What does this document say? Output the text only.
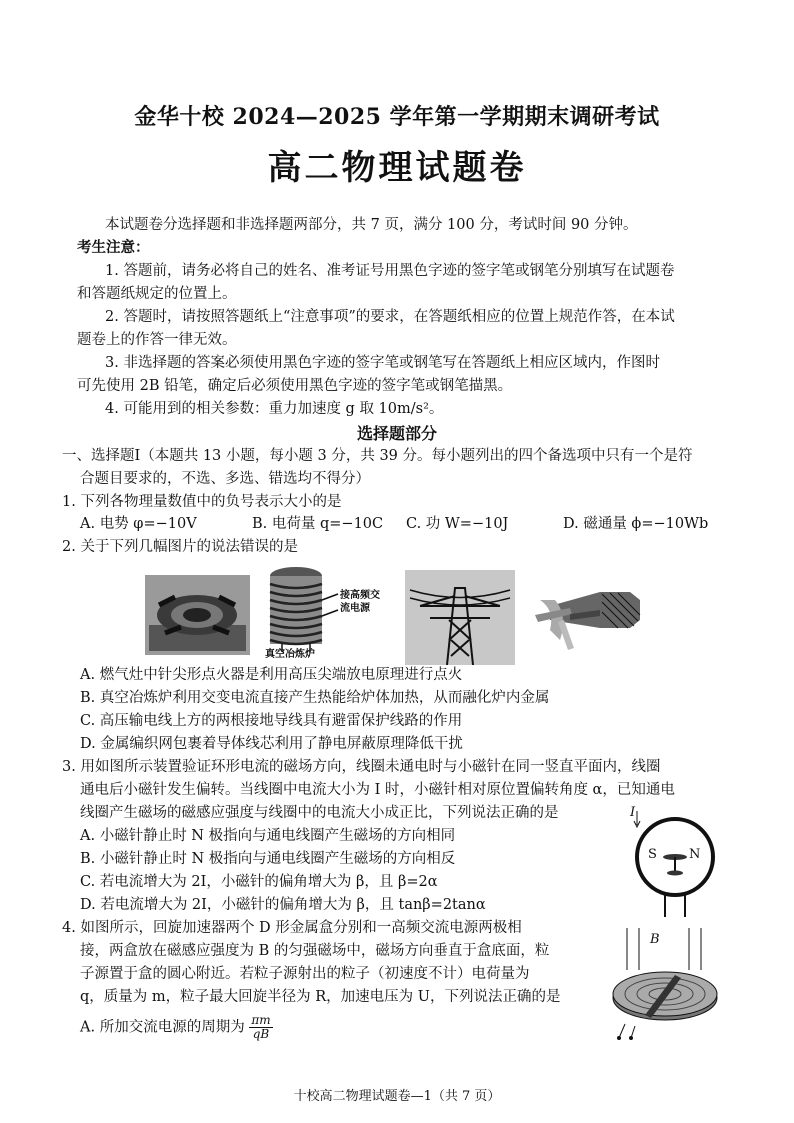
金华十校 2024—2025 学年第一学期期末调研考试
高二物理试题卷
本试题卷分选择题和非选择题两部分，共 7 页，满分 100 分，考试时间 90 分钟。
考生注意：
1. 答题前，请务必将自己的姓名、准考证号用黑色字迹的签字笔或钢笔分别填写在试题卷
和答题纸规定的位置上。
2. 答题时，请按照答题纸上“注意事项”的要求，在答题纸相应的位置上规范作答，在本试
题卷上的作答一律无效。
3. 非选择题的答案必须使用黑色字迹的签字笔或钢笔写在答题纸上相应区域内，作图时
可先使用 2B 铅笔，确定后必须使用黑色字迹的签字笔或钢笔描黑。
4. 可能用到的相关参数：重力加速度 g 取 10m/s²。
选择题部分
一、选择题Ⅰ（本题共 13 小题，每小题 3 分，共 39 分。每小题列出的四个备选项中只有一个是符
合题目要求的，不选、多选、错选均不得分）
1. 下列各物理量数值中的负号表示大小的是
A. 电势 φ=−10V	B. 电荷量 q=−10C C. 功 W=−10J	D. 磁通量 ϕ=−10Wb
2. 关于下列几幅图片的说法错误的是
接高频交
流电源
真空冶炼炉
A. 燃气灶中针尖形点火器是利用高压尖端放电原理进行点火
B. 真空冶炼炉利用交变电流直接产生热能给炉体加热，从而融化炉内金属
C. 高压输电线上方的两根接地导线具有避雷保护线路的作用
D. 金属编织网包裹着导体线芯利用了静电屏蔽原理降低干扰
3. 用如图所示装置验证环形电流的磁场方向，线圈未通电时与小磁针在同一竖直平面内，线圈
通电后小磁针发生偏转。当线圈中电流大小为 I 时，小磁针相对原位置偏转角度 α，已知通电
线圈产生磁场的磁感应强度与线圈中的电流大小成正比，下列说法正确的是
A. 小磁针静止时 N 极指向与通电线圈产生磁场的方向相同
B. 小磁针静止时 N 极指向与通电线圈产生磁场的方向相反
C. 若电流增大为 2I，小磁针的偏角增大为 β，且 β=2α
D. 若电流增大为 2I，小磁针的偏角增大为 β，且 tanβ=2tanα
I
S N
4. 如图所示，回旋加速器两个 D 形金属盒分别和一高频交流电源两极相
接，两盒放在磁感应强度为 B 的匀强磁场中，磁场方向垂直于盒底面，粒
子源置于盒的圆心附近。若粒子源射出的粒子（初速度不计）电荷量为
q，质量为 m，粒子最大回旋半径为 R，加速电压为 U，下列说法正确的是
A. 所加交流电源的周期为 $\frac{\pi m}{qB}$
B
十校高二物理试题卷—1（共 7 页）
